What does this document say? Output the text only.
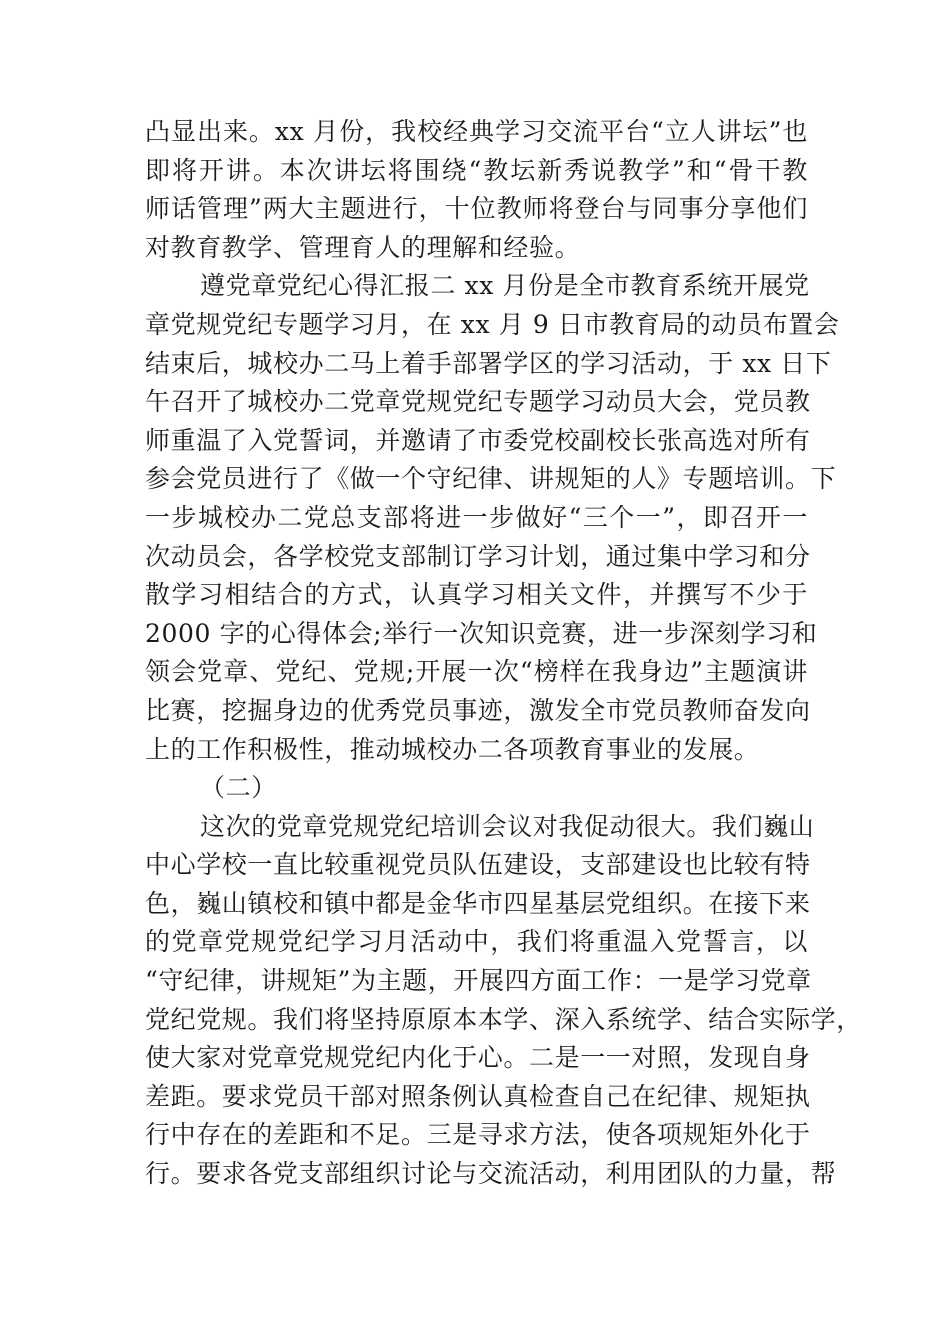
凸显出来。xx 月份，我校经典学习交流平台“立人讲坛”也
即将开讲。本次讲坛将围绕“教坛新秀说教学”和“骨干教
师话管理”两大主题进行，十位教师将登台与同事分享他们
对教育教学、管理育人的理解和经验。

遵党章党纪心得汇报二 xx 月份是全市教育系统开展党
章党规党纪专题学习月，在 xx 月 9 日市教育局的动员布置会
结束后，城校办二马上着手部署学区的学习活动，于 xx 日下
午召开了城校办二党章党规党纪专题学习动员大会，党员教
师重温了入党誓词，并邀请了市委党校副校长张高选对所有
参会党员进行了《做一个守纪律、讲规矩的人》专题培训。下
一步城校办二党总支部将进一步做好“三个一”，即召开一
次动员会，各学校党支部制订学习计划，通过集中学习和分
散学习相结合的方式，认真学习相关文件，并撰写不少于
2000 字的心得体会;举行一次知识竞赛，进一步深刻学习和
领会党章、党纪、党规;开展一次“榜样在我身边”主题演讲
比赛，挖掘身边的优秀党员事迹，激发全市党员教师奋发向
上的工作积极性，推动城校办二各项教育事业的发展。

（二）

这次的党章党规党纪培训会议对我促动很大。我们巍山
中心学校一直比较重视党员队伍建设，支部建设也比较有特
色，巍山镇校和镇中都是金华市四星基层党组织。在接下来
的党章党规党纪学习月活动中，我们将重温入党誓言，以
“守纪律，讲规矩”为主题，开展四方面工作：一是学习党章
党纪党规。我们将坚持原原本本学、深入系统学、结合实际学，
使大家对党章党规党纪内化于心。二是一一对照，发现自身
差距。要求党员干部对照条例认真检查自己在纪律、规矩执
行中存在的差距和不足。三是寻求方法，使各项规矩外化于
行。要求各党支部组织讨论与交流活动，利用团队的力量，帮
